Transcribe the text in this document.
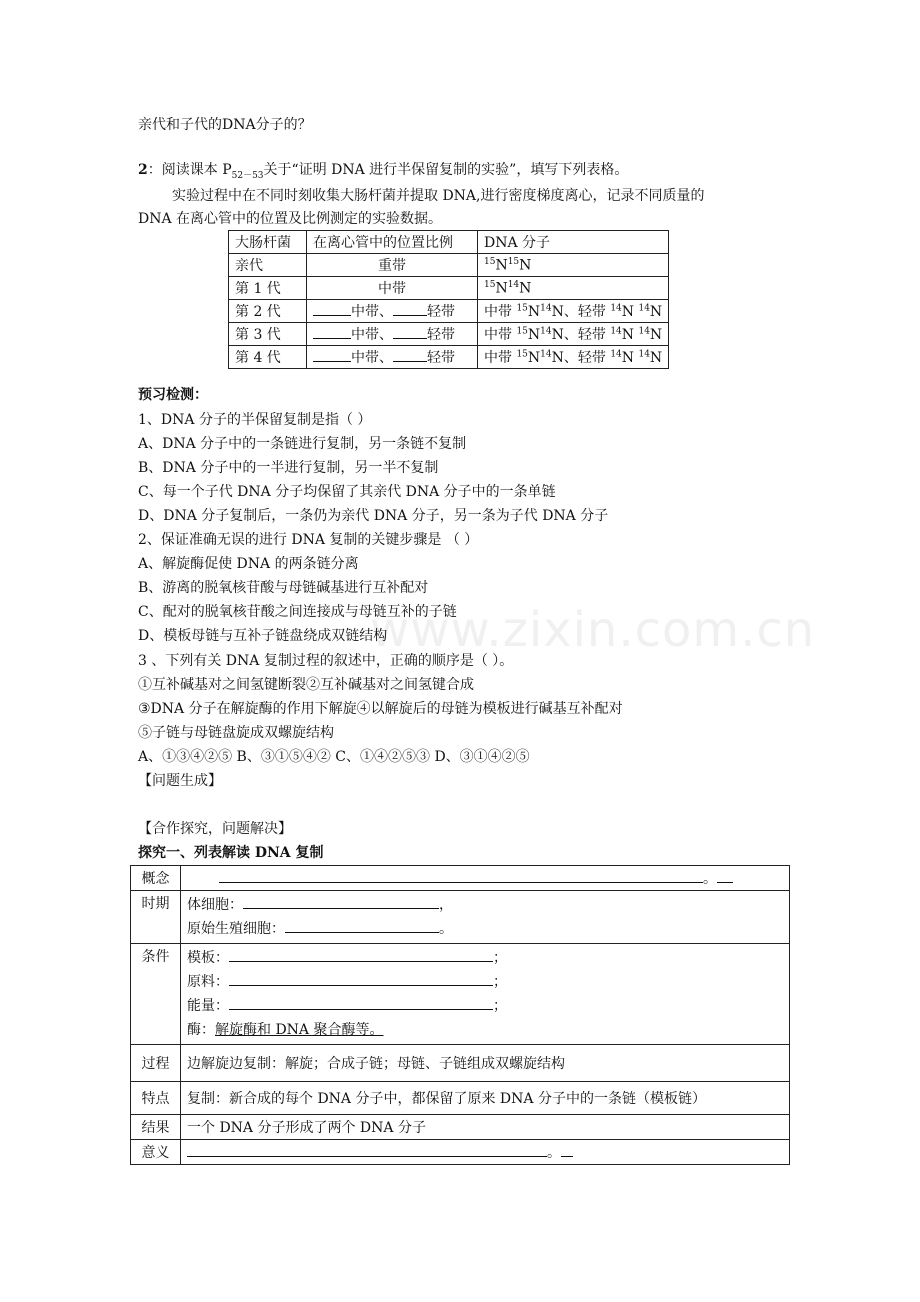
www.zixin.com.cn
亲代和子代的DNA分子的？
2：阅读课本 $P_{52-53}$关于“证明 DNA 进行半保留复制的实验”，填写下列表格。
实验过程中在不同时刻收集大肠杆菌并提取 DNA,进行密度梯度离心，记录不同质量的
DNA 在离心管中的位置及比例测定的实验数据。
大肠杆菌	在离心管中的位置比例	DNA 分子
亲代	重带	$^{15}N^{15}N$
第 1 代	中带	$^{15}N^{14}N$
第 2 代	中带、 轻带	中带 $^{15}N^{14}N$、轻带 $^{14}$N $^{14}$N
第 3 代	中带、 轻带	中带 $^{15}N^{14}N$、轻带 $^{14}$N $^{14}$N
第 4 代	中带、 轻带	中带 $^{15}N^{14}N$、轻带 $^{14}$N $^{14}$N
预习检测：
1、DNA 分子的半保留复制是指（ ）
A、DNA 分子中的一条链进行复制，另一条链不复制
B、DNA 分子中的一半进行复制，另一半不复制
C、每一个子代 DNA 分子均保留了其亲代 DNA 分子中的一条单链
D、DNA 分子复制后，一条仍为亲代 DNA 分子，另一条为子代 DNA 分子
2、保证准确无误的进行 DNA 复制的关键步骤是 （ ）
A、解旋酶促使 DNA 的两条链分离
B、游离的脱氧核苷酸与母链碱基进行互补配对
C、配对的脱氧核苷酸之间连接成与母链互补的子链
D、模板母链与互补子链盘绕成双链结构
3 、下列有关 DNA 复制过程的叙述中，正确的顺序是（ ）。
①互补碱基对之间氢键断裂②互补碱基对之间氢键合成
③DNA 分子在解旋酶的作用下解旋④以解旋后的母链为模板进行碱基互补配对
⑤子链与母链盘旋成双螺旋结构
A、①③④②⑤ B、③①⑤④② C、①④②⑤③ D、③①④②⑤
【问题生成】
【合作探究，问题解决】
探究一、列表解读 DNA 复制
概念	。
时期	体细胞： ，
原始生殖细胞： 。

条件	模板： ；
原料： ；
能量： ；
酶：解旋酶和 DNA 聚合酶等。

过程	边解旋边复制：解旋；合成子链；母链、子链组成双螺旋结构
特点	复制：新合成的每个 DNA 分子中，都保留了原来 DNA 分子中的一条链（模板链）
结果	一个 DNA 分子形成了两个 DNA 分子
意义	。
